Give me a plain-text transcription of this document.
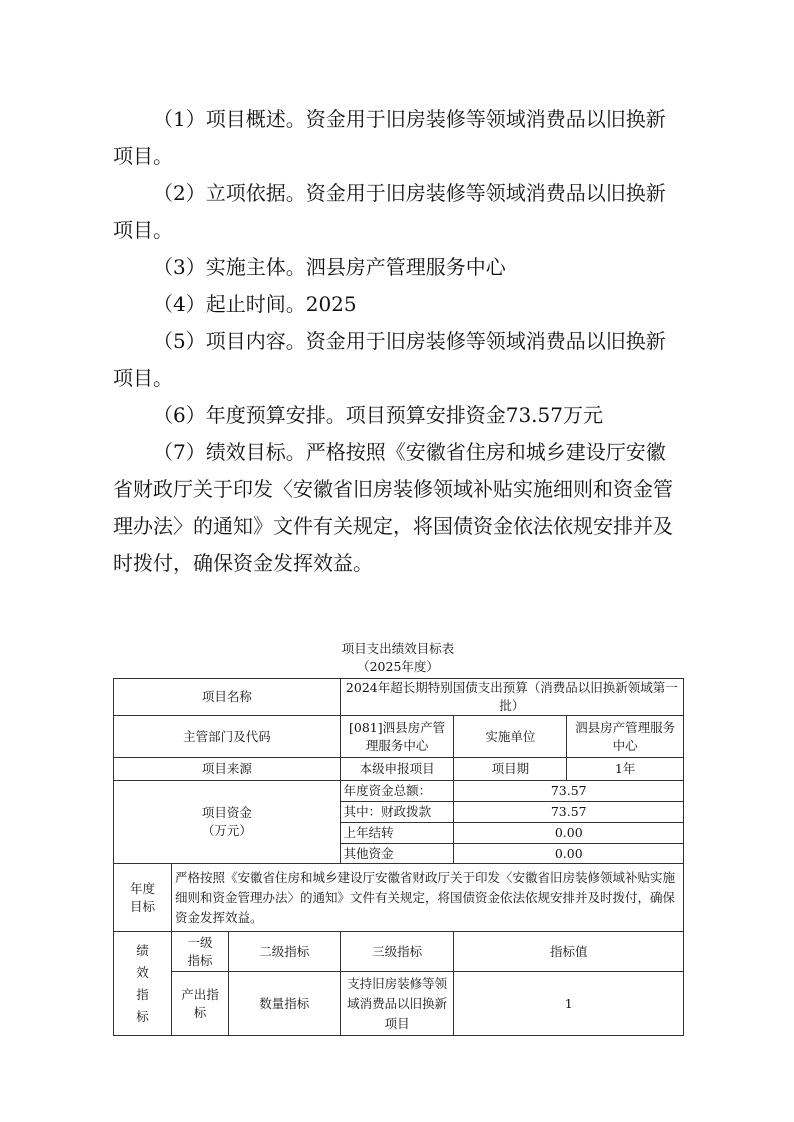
（1）项目概述。资金用于旧房装修等领域消费品以旧换新项目。

（2）立项依据。资金用于旧房装修等领域消费品以旧换新项目。

（3）实施主体。泗县房产管理服务中心

（4）起止时间。2025

（5）项目内容。资金用于旧房装修等领域消费品以旧换新项目。

（6）年度预算安排。项目预算安排资金73.57万元

（7）绩效目标。严格按照《安徽省住房和城乡建设厅安徽省财政厅关于印发〈安徽省旧房装修领域补贴实施细则和资金管理办法〉的通知》文件有关规定，将国债资金依法依规安排并及时拨付，确保资金发挥效益。

项目支出绩效目标表
（2025年度）
项目名称			2024年超长期特别国债支出预算（消费品以旧换新领域第一批）		
主管部门及代码			[081]泗县房产管理服务中心	实施单位	泗县房产管理服务中心
项目来源			本级申报项目	项目期	1年

项目资金
（万元）			年度资金总额：	73.57	
			其中：财政拨款	73.57	
			上年结转	0.00	
			其他资金	0.00	
年度目标	严格按照《安徽省住房和城乡建设厅安徽省财政厅关于印发〈安徽省旧房装修领域补贴实施细则和资金管理办法〉的通知》文件有关规定，将国债资金依法依规安排并及时拨付，确保资金发挥效益。				
绩效指标	一级指标	二级指标	三级指标	指标值	
	产出指标	数量指标	支持旧房装修等领域消费品以旧换新项目	1	
